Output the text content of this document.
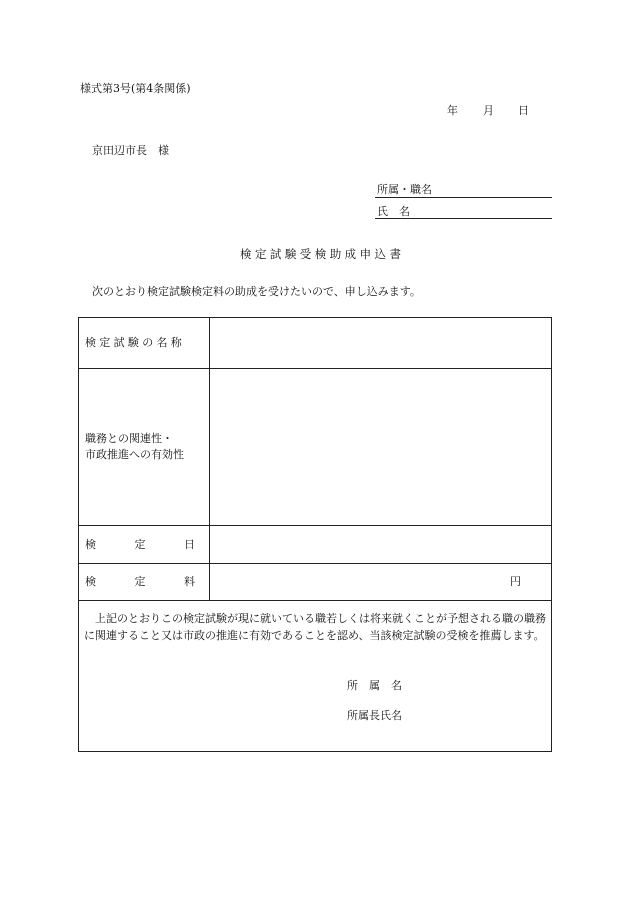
様式第3号(第4条関係)
年 月 日
京田辺市長　様
所属・職名
氏　名
検定試験受検助成申込書
次のとおり検定試験検定料の助成を受けたいので、申し込みます。
検定試験の名称	

職務との関連性・
市政推進への有効性	

検 定 日	

検 定 料	円

上記のとおりこの検定試験が現に就いている職若しくは将来就くことが予想される職の職務に関連すること又は市政の推進に有効であることを認め、当該検定試験の受検を推薦します。
所　属　名
所属長氏名
